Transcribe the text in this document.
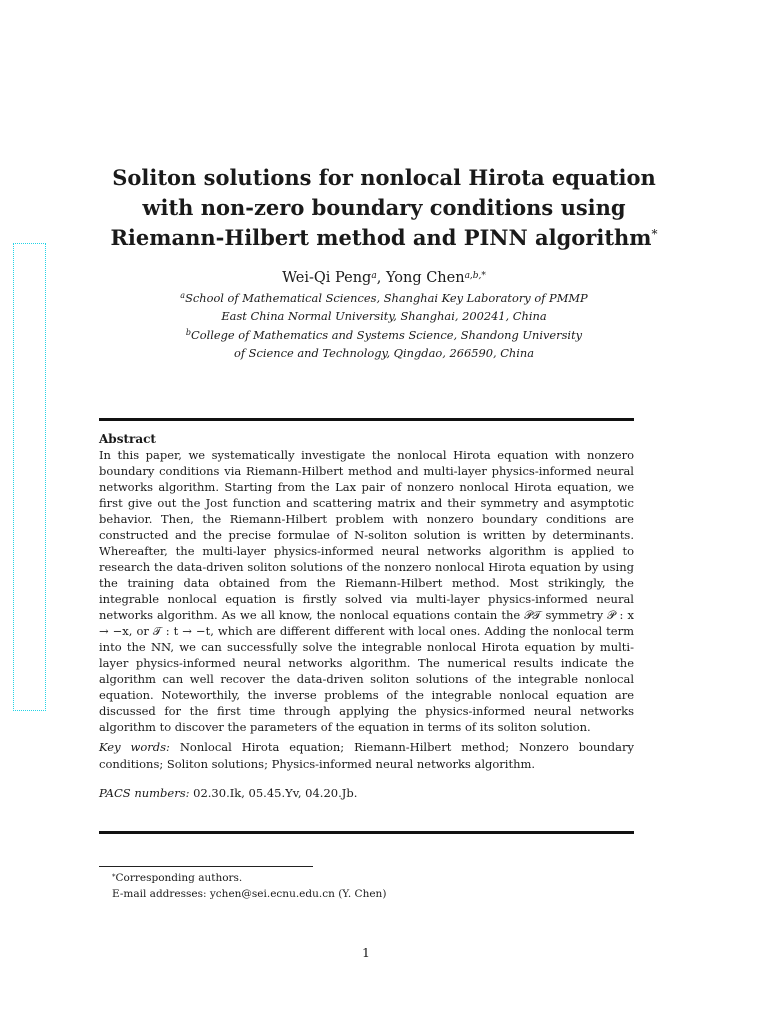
Soliton solutions for nonlocal Hirota equation
with non-zero boundary conditions using
Riemann-Hilbert method and PINN algorithm*
Wei-Qi Peng$^a$, Yong Chen$^{a,b,*}$
$^a$School of Mathematical Sciences, Shanghai Key Laboratory of PMMP
East China Normal University, Shanghai, 200241, China
$^b$College of Mathematics and Systems Science, Shandong University
of Science and Technology, Qingdao, 266590, China
Abstract

In this paper, we systematically investigate the nonlocal Hirota equation with nonzero boundary conditions via Riemann-Hilbert method and multi-layer physics-informed neural networks algorithm. Starting from the Lax pair of nonzero nonlocal Hirota equation, we first give out the Jost function and scattering matrix and their symmetry and asymptotic behavior. Then, the Riemann-Hilbert problem with nonzero boundary conditions are constructed and the precise formulae of N-soliton solution is written by determinants. Whereafter, the multi-layer physics-informed neural networks algorithm is applied to research the data-driven soliton solutions of the nonzero nonlocal Hirota equation by using the training data obtained from the Riemann-Hilbert method. Most strikingly, the integrable nonlocal equation is firstly solved via multi-layer physics-informed neural networks algorithm. As we all know, the nonlocal equations contain the 𝒫𝒯 symmetry 𝒫 : x → −x, or 𝒯 : t → −t, which are different different with local ones. Adding the nonlocal term into the NN, we can successfully solve the integrable nonlocal Hirota equation by multi-layer physics-informed neural networks algorithm. The numerical results indicate the algorithm can well recover the data-driven soliton solutions of the integrable nonlocal equation. Noteworthily, the inverse problems of the integrable nonlocal equation are discussed for the first time through applying the physics-informed neural networks algorithm to discover the parameters of the equation in terms of its soliton solution.

Key words: Nonlocal Hirota equation; Riemann-Hilbert method; Nonzero boundary conditions; Soliton solutions; Physics-informed neural networks algorithm.

PACS numbers: 02.30.Ik, 05.45.Yv, 04.20.Jb.

*Corresponding authors.
E-mail addresses: ychen@sei.ecnu.edu.cn (Y. Chen)
1
